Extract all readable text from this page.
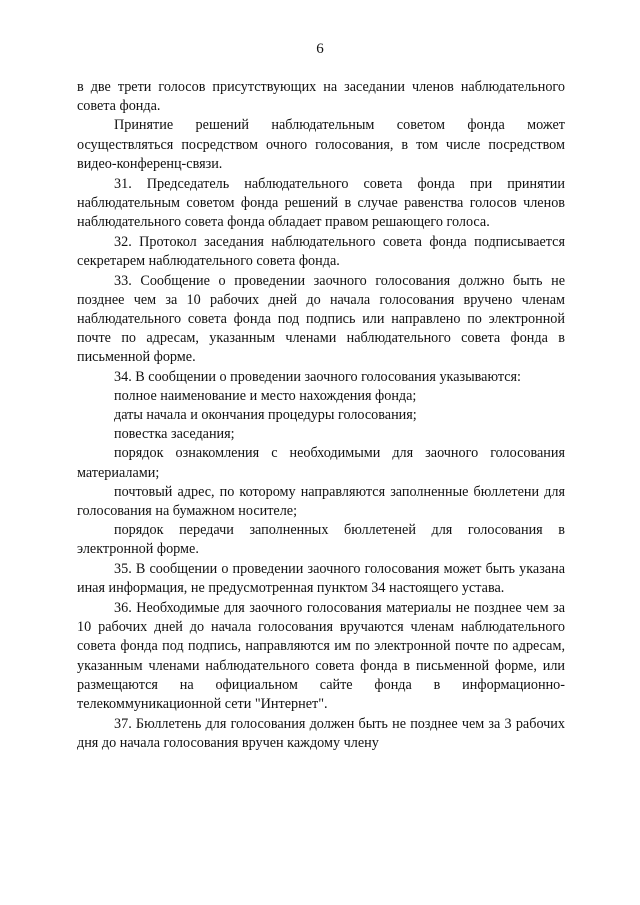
6

в две трети голосов присутствующих на заседании членов наблюдательного совета фонда.

Принятие решений наблюдательным советом фонда может осуществляться посредством очного голосования, в том числе посредством видео-конференц-связи.

31. Председатель наблюдательного совета фонда при принятии наблюдательным советом фонда решений в случае равенства голосов членов наблюдательного совета фонда обладает правом решающего голоса.

32. Протокол заседания наблюдательного совета фонда подписывается секретарем наблюдательного совета фонда.

33. Сообщение о проведении заочного голосования должно быть не позднее чем за 10 рабочих дней до начала голосования вручено членам наблюдательного совета фонда под подпись или направлено по электронной почте по адресам, указанным членами наблюдательного совета фонда в письменной форме.

34. В сообщении о проведении заочного голосования указываются:

полное наименование и место нахождения фонда;

даты начала и окончания процедуры голосования;

повестка заседания;

порядок ознакомления с необходимыми для заочного голосования материалами;

почтовый адрес, по которому направляются заполненные бюллетени для голосования на бумажном носителе;

порядок передачи заполненных бюллетеней для голосования в электронной форме.

35. В сообщении о проведении заочного голосования может быть указана иная информация, не предусмотренная пунктом 34 настоящего устава.

36. Необходимые для заочного голосования материалы не позднее чем за 10 рабочих дней до начала голосования вручаются членам наблюдательного совета фонда под подпись, направляются им по электронной почте по адресам, указанным членами наблюдательного совета фонда в письменной форме, или размещаются на официальном сайте фонда в информационно-телекоммуникационной сети "Интернет".

37. Бюллетень для голосования должен быть не позднее чем за 3 рабочих дня до начала голосования вручен каждому члену
